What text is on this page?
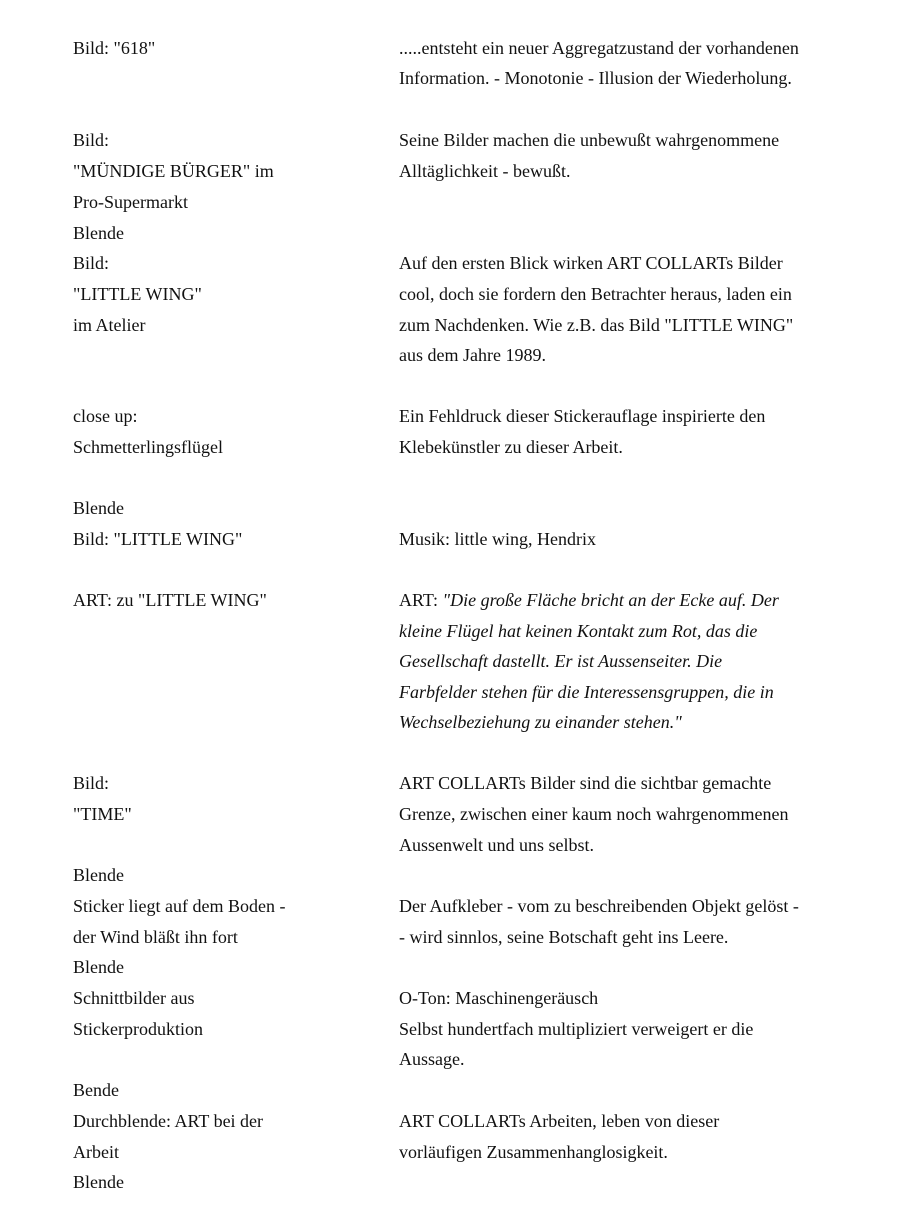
Bild: "618"
Bild:
"MÜNDIGE BÜRGER" im
Pro-Supermarkt
Blende
Bild:
"LITTLE WING"
im Atelier
close up:
Schmetterlingsflügel
Blende
Bild: "LITTLE WING"
ART: zu "LITTLE WING"
Bild:
"TIME"
Blende
Sticker liegt auf dem Boden -
der Wind bläßt ihn fort
Blende
Schnittbilder aus
Stickerproduktion
Bende
Durchblende: ART bei der
Arbeit
Blende
.....entsteht ein neuer Aggregatzustand der vorhandenen
Information. - Monotonie - Illusion der Wiederholung.
Seine Bilder machen die unbewußt wahrgenommene
Alltäglichkeit - bewußt.
Auf den ersten Blick wirken ART COLLARTs Bilder
cool, doch sie fordern den Betrachter heraus, laden ein
zum Nachdenken. Wie z.B. das Bild "LITTLE WING"
aus dem Jahre 1989.
Ein Fehldruck dieser Stickerauflage inspirierte den
Klebekünstler zu dieser Arbeit.
Musik: little wing, Hendrix
ART: "Die große Fläche bricht an der Ecke auf. Der
kleine Flügel hat keinen Kontakt zum Rot, das die
Gesellschaft dastellt. Er ist Aussenseiter. Die
Farbfelder stehen für die Interessensgruppen, die in
Wechselbeziehung zu einander stehen."
ART COLLARTs Bilder sind die sichtbar gemachte
Grenze, zwischen einer kaum noch wahrgenommenen
Aussenwelt und uns selbst.
Der Aufkleber - vom zu beschreibenden Objekt gelöst -
- wird sinnlos, seine Botschaft geht ins Leere.
O-Ton: Maschinengeräusch
Selbst hundertfach multipliziert verweigert er die
Aussage.
ART COLLARTs Arbeiten, leben von dieser
vorläufigen Zusammenhanglosigkeit.
